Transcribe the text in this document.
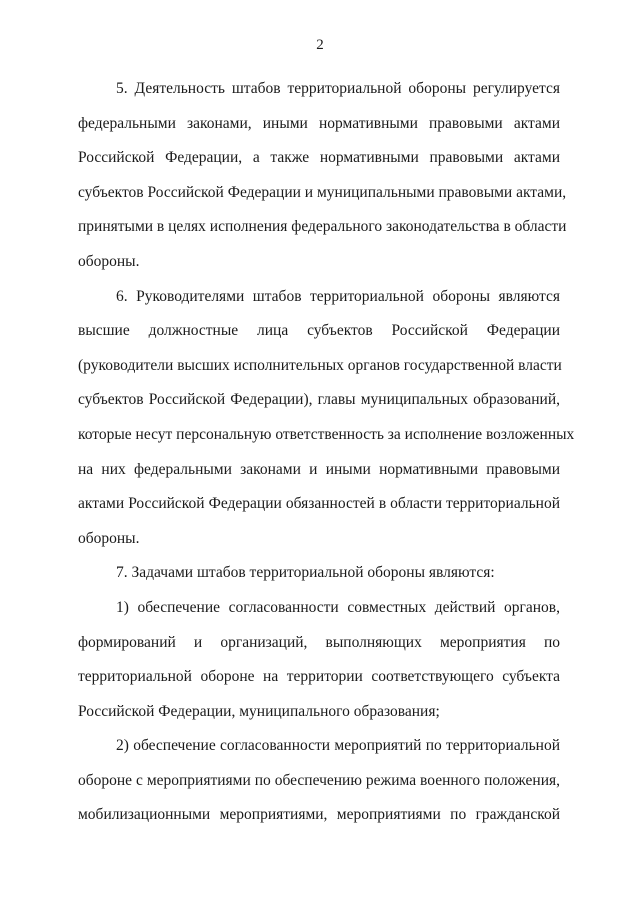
2
5. Деятельность штабов территориальной обороны регулируется
федеральными законами, иными нормативными правовыми актами
Российской Федерации, а также нормативными правовыми актами
субъектов Российской Федерации и муниципальными правовыми актами,
принятыми в целях исполнения федерального законодательства в области
обороны.
6. Руководителями штабов территориальной обороны являются
высшие должностные лица субъектов Российской Федерации
(руководители высших исполнительных органов государственной власти
субъектов Российской Федерации), главы муниципальных образований,
которые несут персональную ответственность за исполнение возложенных
на них федеральными законами и иными нормативными правовыми
актами Российской Федерации обязанностей в области территориальной
обороны.
7. Задачами штабов территориальной обороны являются:
1) обеспечение согласованности совместных действий органов,
формирований и организаций, выполняющих мероприятия по
территориальной обороне на территории соответствующего субъекта
Российской Федерации, муниципального образования;
2) обеспечение согласованности мероприятий по территориальной
обороне с мероприятиями по обеспечению режима военного положения,
мобилизационными мероприятиями, мероприятиями по гражданской
